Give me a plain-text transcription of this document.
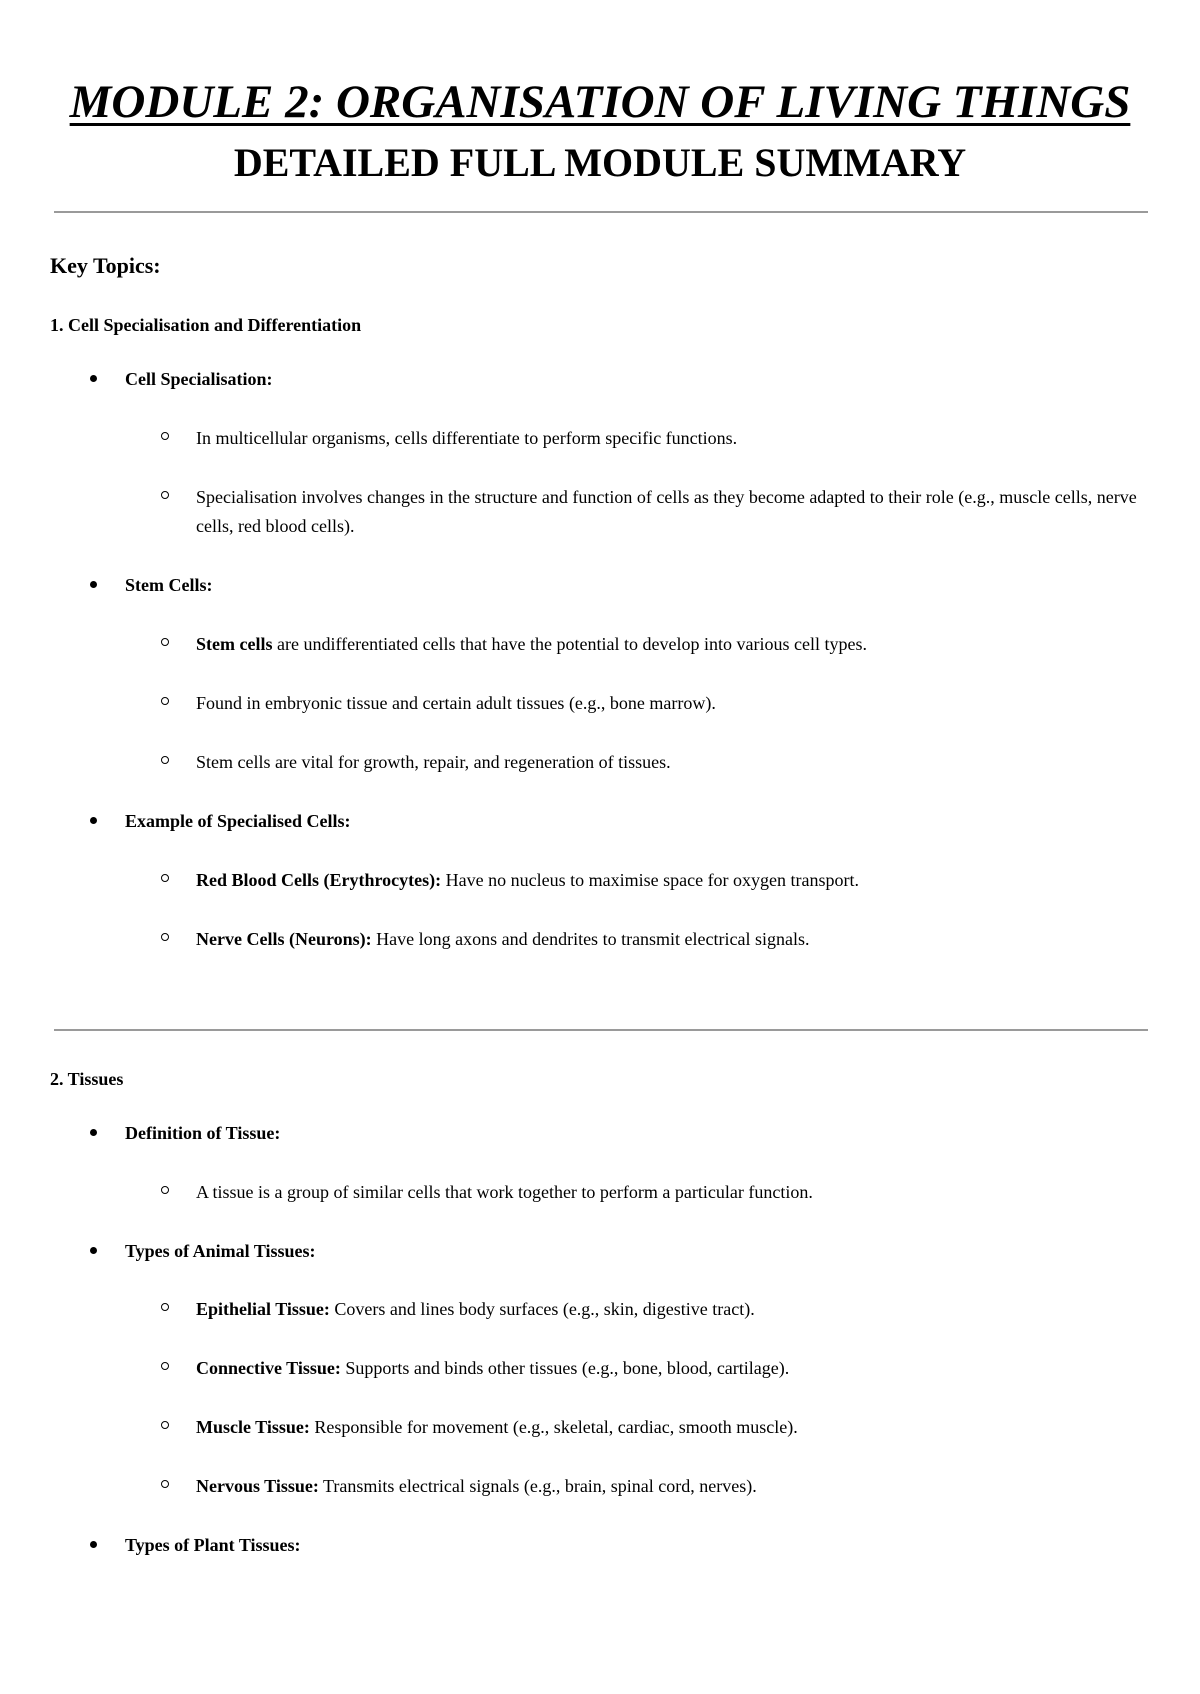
MODULE 2: ORGANISATION OF LIVING THINGS
DETAILED FULL MODULE SUMMARY
Key Topics:
1. Cell Specialisation and Differentiation
Cell Specialisation:
In multicellular organisms, cells differentiate to perform specific functions.
Specialisation involves changes in the structure and function of cells as they become adapted to their role (e.g., muscle cells, nerve cells, red blood cells).
Stem Cells:
Stem cells are undifferentiated cells that have the potential to develop into various cell types.
Found in embryonic tissue and certain adult tissues (e.g., bone marrow).
Stem cells are vital for growth, repair, and regeneration of tissues.
Example of Specialised Cells:
Red Blood Cells (Erythrocytes): Have no nucleus to maximise space for oxygen transport.
Nerve Cells (Neurons): Have long axons and dendrites to transmit electrical signals.
2. Tissues
Definition of Tissue:
A tissue is a group of similar cells that work together to perform a particular function.
Types of Animal Tissues:
Epithelial Tissue: Covers and lines body surfaces (e.g., skin, digestive tract).
Connective Tissue: Supports and binds other tissues (e.g., bone, blood, cartilage).
Muscle Tissue: Responsible for movement (e.g., skeletal, cardiac, smooth muscle).
Nervous Tissue: Transmits electrical signals (e.g., brain, spinal cord, nerves).
Types of Plant Tissues:
